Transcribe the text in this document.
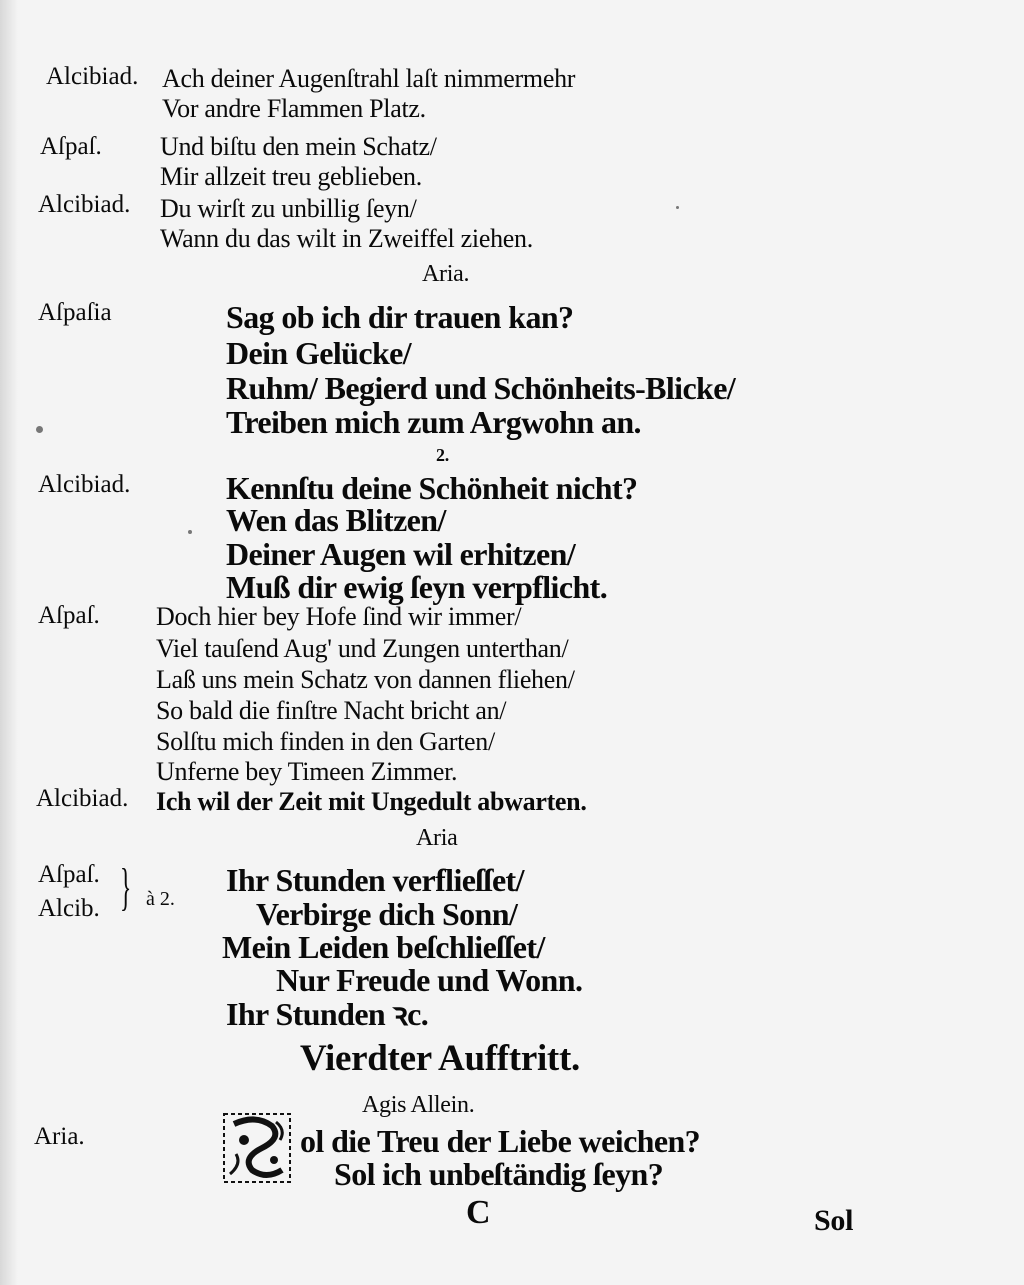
Alcibiad.
Aſpaſ.
Alcibiad.
Aſpaſia
Alcibiad.
Aſpaſ.
Alcibiad.
Aſpaſ.
Alcib. } à 2.
Aria.
Ach deiner Augenſtrahl laſt nimmermehr
Vor andre Flammen Platz.
Und biſtu den mein Schatz/
Mir allzeit treu geblieben.
Du wirſt zu unbillig ſeyn/
Wann du das wilt in Zweiffel ziehen.
Aria.
Sag ob ich dir trauen kan?
Dein Gelücke/
Ruhm/ Begierd und Schönheits-Blicke/
Treiben mich zum Argwohn an.
2.
Kennſtu deine Schönheit nicht?
Wen das Blitzen/
Deiner Augen wil erhitzen/
Muß dir ewig ſeyn verpflicht.
Doch hier bey Hofe ſind wir immer/
Viel tauſend Aug' und Zungen unterthan/
Laß uns mein Schatz von dannen fliehen/
So bald die finſtre Nacht bricht an/
Solſtu mich finden in den Garten/
Unferne bey Timeen Zimmer.
Ich wil der Zeit mit Ungedult abwarten.
Aria
Ihr Stunden verflieſſet/
Verbirge dich Sonn/
Mein Leiden beſchlieſſet/
Nur Freude und Wonn.
Ihr Stunden ꝛc.
Vierdter Aufftritt.
Agis Allein.
ol die Treu der Liebe weichen?
Sol ich unbeſtändig ſeyn?
C	Sol
